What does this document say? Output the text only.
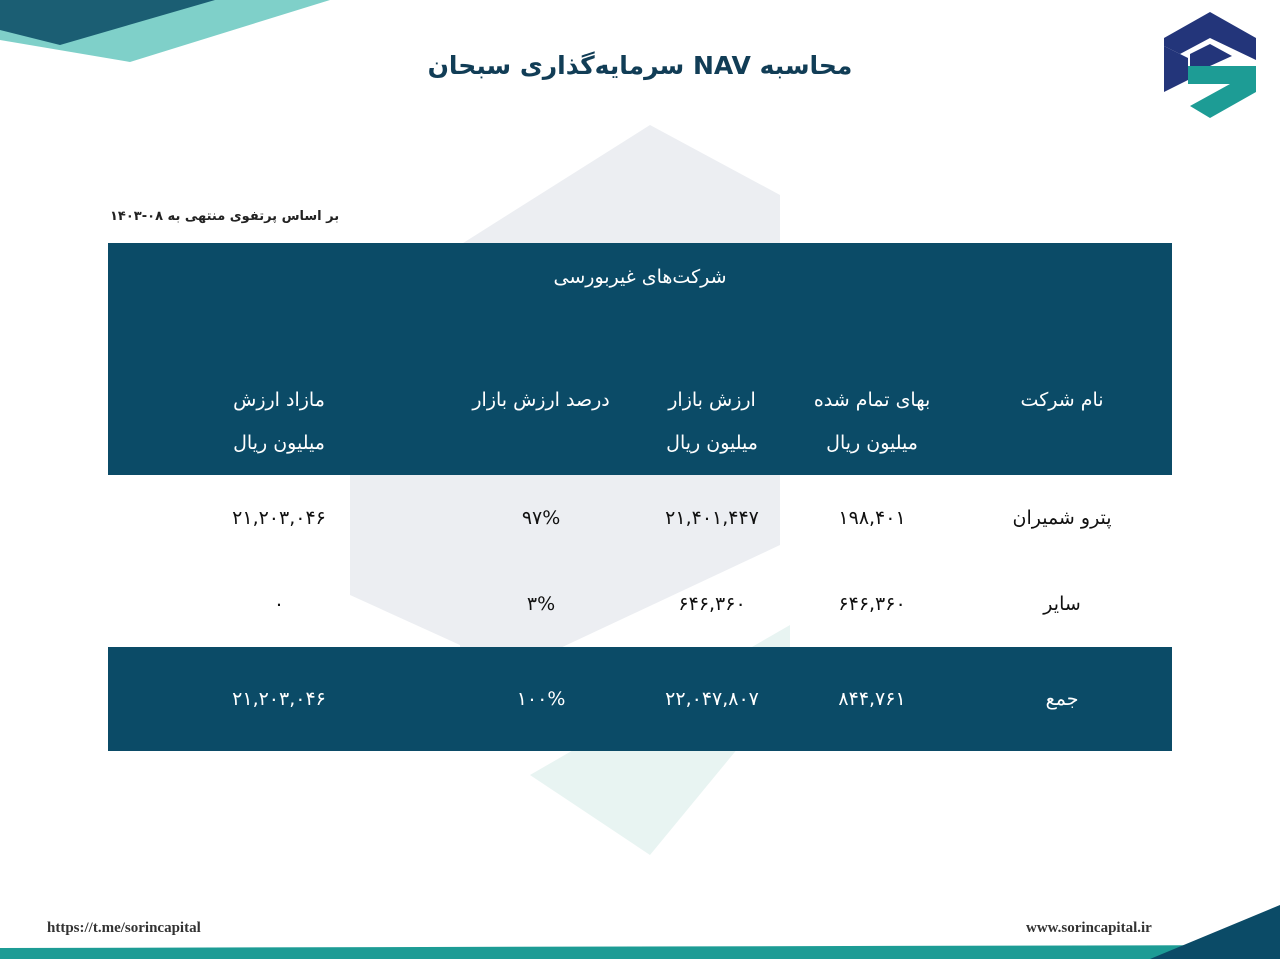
محاسبه NAV سرمایه‌گذاری سبحان
بر اساس پرتفوی منتهی به ۰۸-۱۴۰۳
شرکت‌های غیربورسی				
نام شرکت	بهای تمام شده	ارزش بازار	درصد ارزش بازار	مازاد ارزش
	میلیون ریال	میلیون ریال		میلیون ریال
پترو شمیران	۱۹۸,۴۰۱	۲۱,۴۰۱,۴۴۷	۹۷%	۲۱,۲۰۳,۰۴۶
سایر	۶۴۶,۳۶۰	۶۴۶,۳۶۰	۳%	۰
جمع	۸۴۴,۷۶۱	۲۲,۰۴۷,۸۰۷	۱۰۰%	۲۱,۲۰۳,۰۴۶
https://t.me/sorincapital	www.sorincapital.ir
